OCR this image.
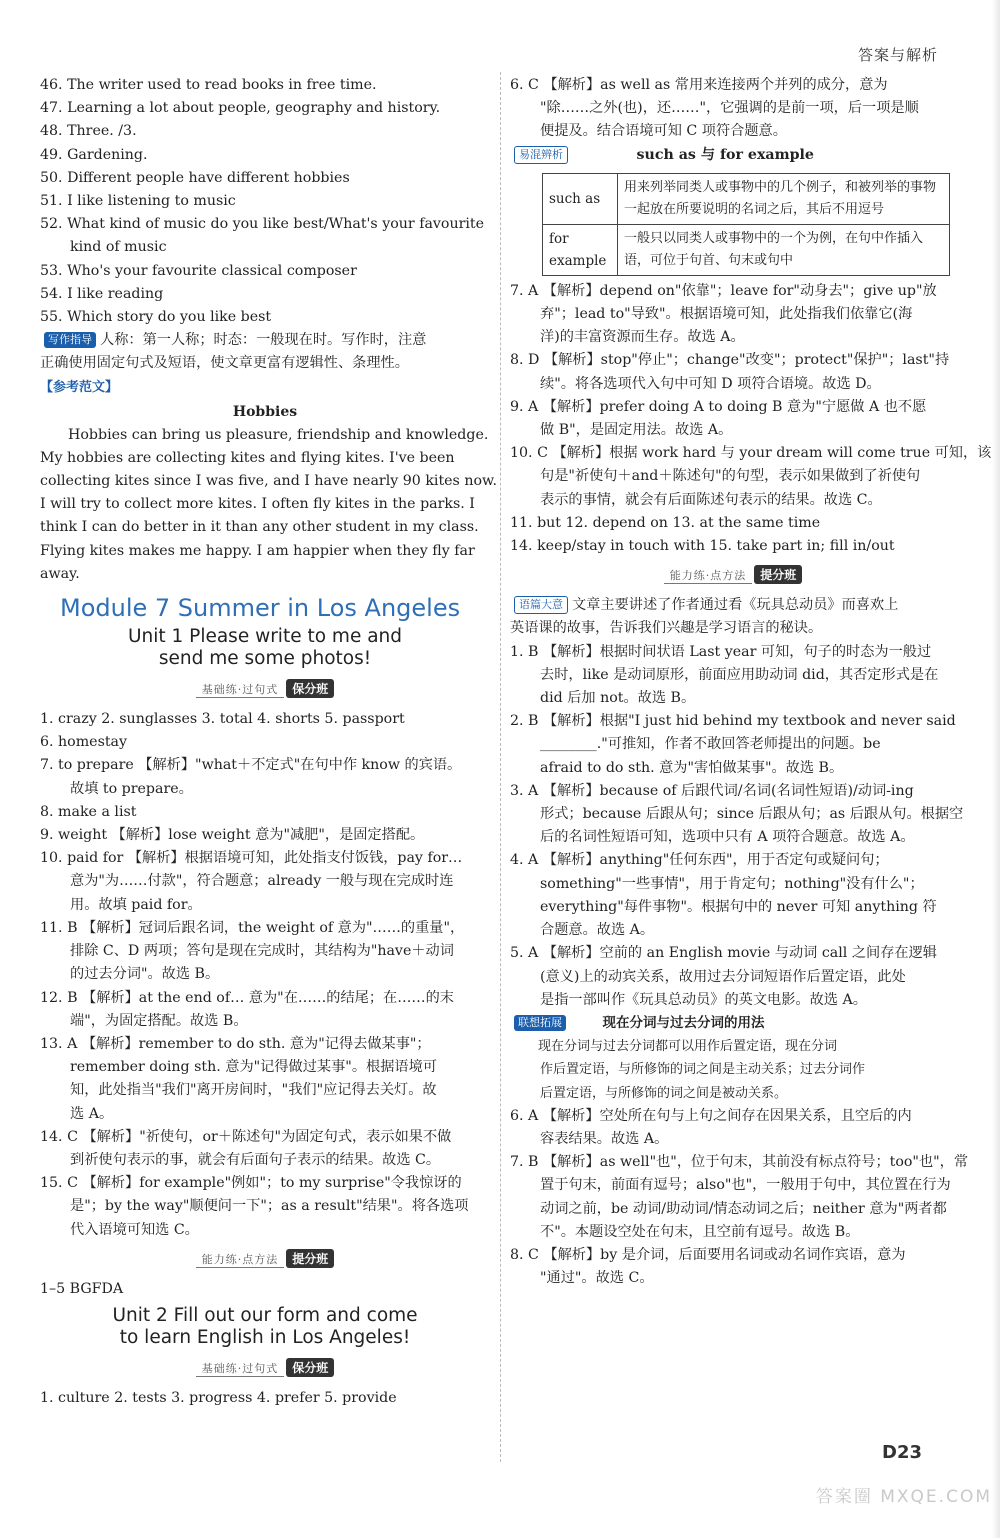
答案与解析
46. The writer used to read books in free time.
47. Learning a lot about people, geography and history.
48. Three. /3.
49. Gardening.
50. Different people have different hobbies
51. I like listening to music
52. What kind of music do you like best/What's your favourite
kind of music
53. Who's your favourite classical composer
54. I like reading
55. Which story do you like best
写作指导 人称：第一人称；时态：一般现在时。写作时，注意
正确使用固定句式及短语，使文章更富有逻辑性、条理性。
【参考范文】
Hobbies
Hobbies can bring us pleasure, friendship and knowledge.
My hobbies are collecting kites and flying kites. I've been
collecting kites since I was five, and I have nearly 90 kites now.
I will try to collect more kites. I often fly kites in the parks. I
think I can do better in it than any other student in my class.
Flying kites makes me happy. I am happier when they fly far
away.
Module 7 Summer in Los Angeles
Unit 1 Please write to me and
send me some photos!
基础练·过句式 保分班
1. crazy 2. sunglasses 3. total 4. shorts 5. passport
6. homestay
7. to prepare 【解析】"what＋不定式"在句中作 know 的宾语。
故填 to prepare。
8. make a list
9. weight 【解析】lose weight 意为"减肥"，是固定搭配。
10. paid for 【解析】根据语境可知，此处指支付饭钱，pay for…
意为"为……付款"，符合题意；already 一般与现在完成时连
用。故填 paid for。
11. B 【解析】冠词后跟名词，the weight of 意为"……的重量"，
排除 C、D 两项；答句是现在完成时，其结构为"have＋动词
的过去分词"。故选 B。
12. B 【解析】at the end of… 意为"在……的结尾；在……的末
端"，为固定搭配。故选 B。
13. A 【解析】remember to do sth. 意为"记得去做某事"；
remember doing sth. 意为"记得做过某事"。根据语境可
知，此处指当"我们"离开房间时，"我们"应记得去关灯。故
选 A。
14. C 【解析】"祈使句，or＋陈述句"为固定句式，表示如果不做
到祈使句表示的事，就会有后面句子表示的结果。故选 C。
15. C 【解析】for example"例如"；to my surprise"令我惊讶的
是"；by the way"顺便问一下"；as a result"结果"。将各选项
代入语境可知选 C。
能力练·点方法 提分班
1–5 BGFDA
Unit 2 Fill out our form and come
to learn English in Los Angeles!
基础练·过句式 保分班
1. culture 2. tests 3. progress 4. prefer 5. provide
6. C 【解析】as well as 常用来连接两个并列的成分，意为
"除……之外(也)，还……"，它强调的是前一项，后一项是顺
便提及。结合语境可知 C 项符合题意。
易混辨析	such as 与 for example
such as	用来列举同类人或事物中的几个例子，和被列举的事物一起放在所要说明的名词之后，其后不用逗号
for example	一般只以同类人或事物中的一个为例，在句中作插入语，可位于句首、句末或句中
7. A 【解析】depend on"依靠"；leave for"动身去"；give up"放
弃"；lead to"导致"。根据语境可知，此处指我们依靠它(海
洋)的丰富资源而生存。故选 A。
8. D 【解析】stop"停止"；change"改变"；protect"保护"；last"持
续"。将各选项代入句中可知 D 项符合语境。故选 D。
9. A 【解析】prefer doing A to doing B 意为"宁愿做 A 也不愿
做 B"，是固定用法。故选 A。
10. C 【解析】根据 work hard 与 your dream will come true 可知，该
句是"祈使句＋and＋陈述句"的句型，表示如果做到了祈使句
表示的事情，就会有后面陈述句表示的结果。故选 C。
11. but 12. depend on 13. at the same time
14. keep/stay in touch with 15. take part in; fill in/out
能力练·点方法 提分班
语篇大意 文章主要讲述了作者通过看《玩具总动员》而喜欢上
英语课的故事，告诉我们兴趣是学习语言的秘诀。
1. B 【解析】根据时间状语 Last year 可知，句子的时态为一般过
去时，like 是动词原形，前面应用助动词 did，其否定形式是在
did 后加 not。故选 B。
2. B 【解析】根据"I just hid behind my textbook and never said
________."可推知，作者不敢回答老师提出的问题。be
afraid to do sth. 意为"害怕做某事"。故选 B。
3. A 【解析】because of 后跟代词/名词(名词性短语)/动词-ing
形式；because 后跟从句；since 后跟从句；as 后跟从句。根据空
后的名词性短语可知，选项中只有 A 项符合题意。故选 A。
4. A 【解析】anything"任何东西"，用于否定句或疑问句；
something"一些事情"，用于肯定句；nothing"没有什么"；
everything"每件事物"。根据句中的 never 可知 anything 符
合题意。故选 A。
5. A 【解析】空前的 an English movie 与动词 call 之间存在逻辑
(意义)上的动宾关系，故用过去分词短语作后置定语，此处
是指一部叫作《玩具总动员》的英文电影。故选 A。
联想拓展	现在分词与过去分词的用法
现在分词与过去分词都可以用作后置定语，现在分词
作后置定语，与所修饰的词之间是主动关系；过去分词作
后置定语，与所修饰的词之间是被动关系。
6. A 【解析】空处所在句与上句之间存在因果关系，且空后的内
容表结果。故选 A。
7. B 【解析】as well"也"，位于句末，其前没有标点符号；too"也"，常
置于句末，前面有逗号；also"也"，一般用于句中，其位置在行为
动词之前，be 动词/助动词/情态动词之后；neither 意为"两者都
不"。本题设空处在句末，且空前有逗号。故选 B。
8. C 【解析】by 是介词，后面要用名词或动名词作宾语，意为
"通过"。故选 C。
D23
答案圈 MXQE.COM
